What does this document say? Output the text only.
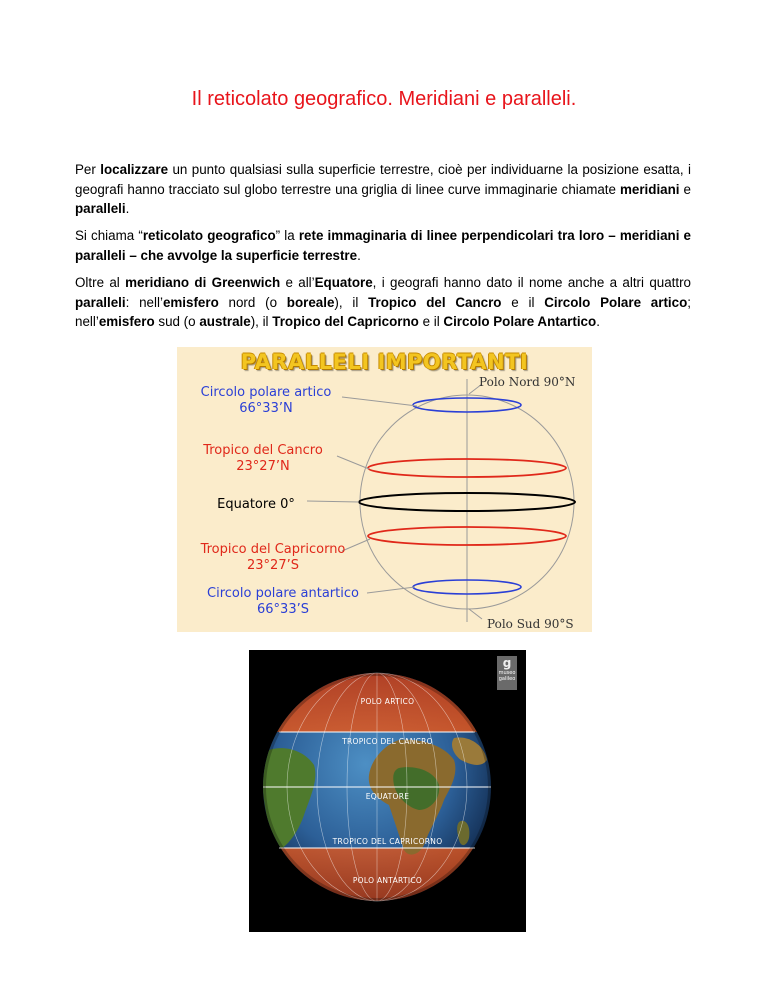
Il reticolato geografico. Meridiani e paralleli.

Per localizzare un punto qualsiasi sulla superficie terrestre, cioè per individuarne la posizione esatta, i geografi hanno tracciato sul globo terrestre una griglia di linee curve immaginarie chiamate meridiani e paralleli.

Si chiama “reticolato geografico” la rete immaginaria di linee perpendicolari tra loro – meridiani e paralleli – che avvolge la superficie terrestre.

Oltre al meridiano di Greenwich e all’Equatore, i geografi hanno dato il nome anche a altri quattro paralleli: nell’emisfero nord (o boreale), il Tropico del Cancro e il Circolo Polare artico; nell’emisfero sud (o australe), il Tropico del Capricorno e il Circolo Polare Antartico.

PARALLELI IMPORTANTI
Polo Nord 90°N
Polo Sud 90°S
Circolo polare artico
66°33’N
Tropico del Cancro
23°27’N
Equatore 0°
Tropico del Capricorno
23°27’S
Circolo polare antartico
66°33’S
POLO ARTICO
TROPICO DEL CANCRO
EQUATORE
TROPICO DEL CAPRICORNO
POLO ANTARTICO
g
museo
galileo
